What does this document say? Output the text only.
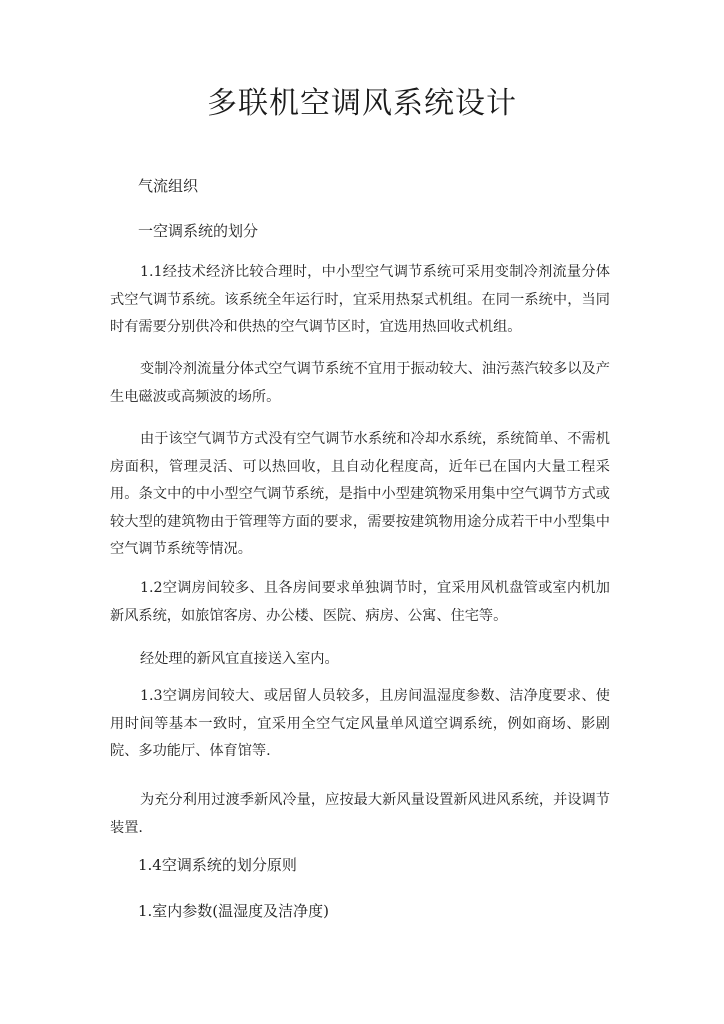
多联机空调风系统设计
气流组织
一空调系统的划分
1.1经技术经济比较合理时，中小型空气调节系统可采用变制冷剂流量分体式空气调节系统。该系统全年运行时，宜采用热泵式机组。在同一系统中，当同时有需要分别供冷和供热的空气调节区时，宜选用热回收式机组。
变制冷剂流量分体式空气调节系统不宜用于振动较大、油污蒸汽较多以及产生电磁波或高频波的场所。
由于该空气调节方式没有空气调节水系统和冷却水系统，系统简单、不需机房面积，管理灵活、可以热回收，且自动化程度高，近年已在国内大量工程采用。条文中的中小型空气调节系统，是指中小型建筑物采用集中空气调节方式或较大型的建筑物由于管理等方面的要求，需要按建筑物用途分成若干中小型集中空气调节系统等情况。
1.2空调房间较多、且各房间要求单独调节时，宜采用风机盘管或室内机加新风系统，如旅馆客房、办公楼、医院、病房、公寓、住宅等。
经处理的新风宜直接送入室内。
1.3空调房间较大、或居留人员较多，且房间温湿度参数、洁净度要求、使用时间等基本一致时，宜采用全空气定风量单风道空调系统，例如商场、影剧院、多功能厅、体育馆等.
为充分利用过渡季新风冷量，应按最大新风量设置新风进风系统，并设调节装置.
1.4空调系统的划分原则
1.室内参数(温湿度及洁净度)
